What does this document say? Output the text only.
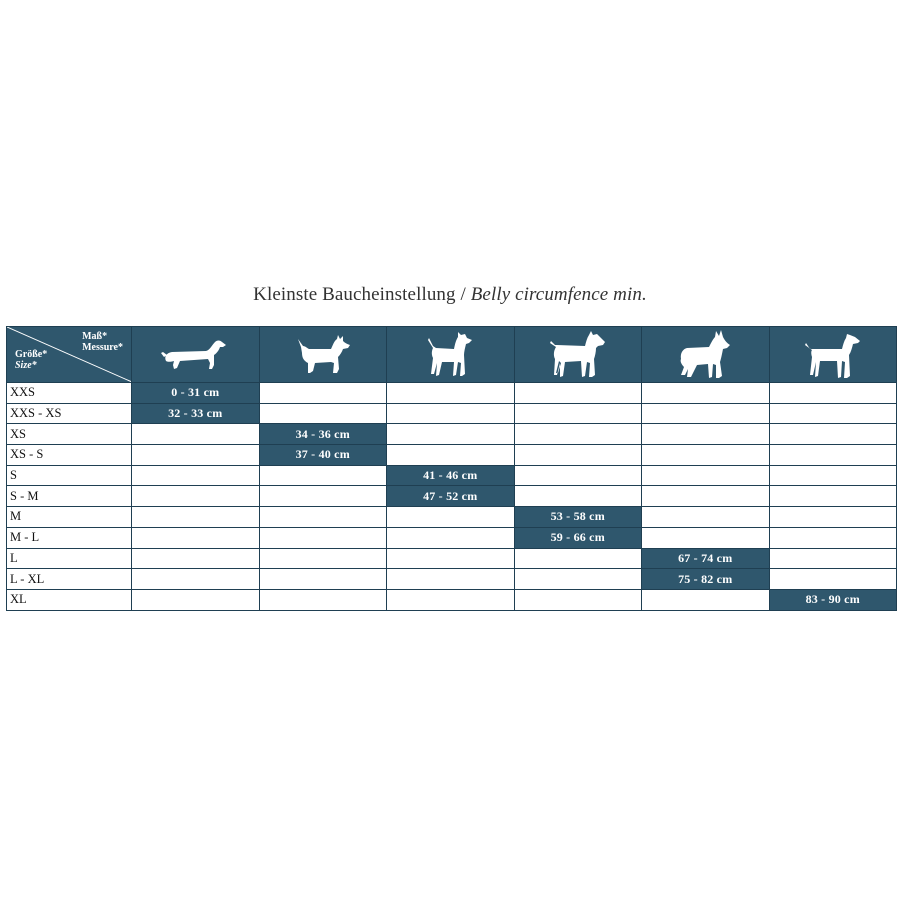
Kleinste Baucheinstellung / Belly circumfence min.
Maß*
Messure*
Größe*
Size*

XXS	0 - 31 cm					
XXS - XS	32 - 33 cm					
XS		34 - 36 cm				
XS - S		37 - 40 cm				
S			41 - 46 cm			
S - M			47 - 52 cm			
M				53 - 58 cm		
M - L				59 - 66 cm		
L					67 - 74 cm	
L - XL					75 - 82 cm	
XL						83 - 90 cm
